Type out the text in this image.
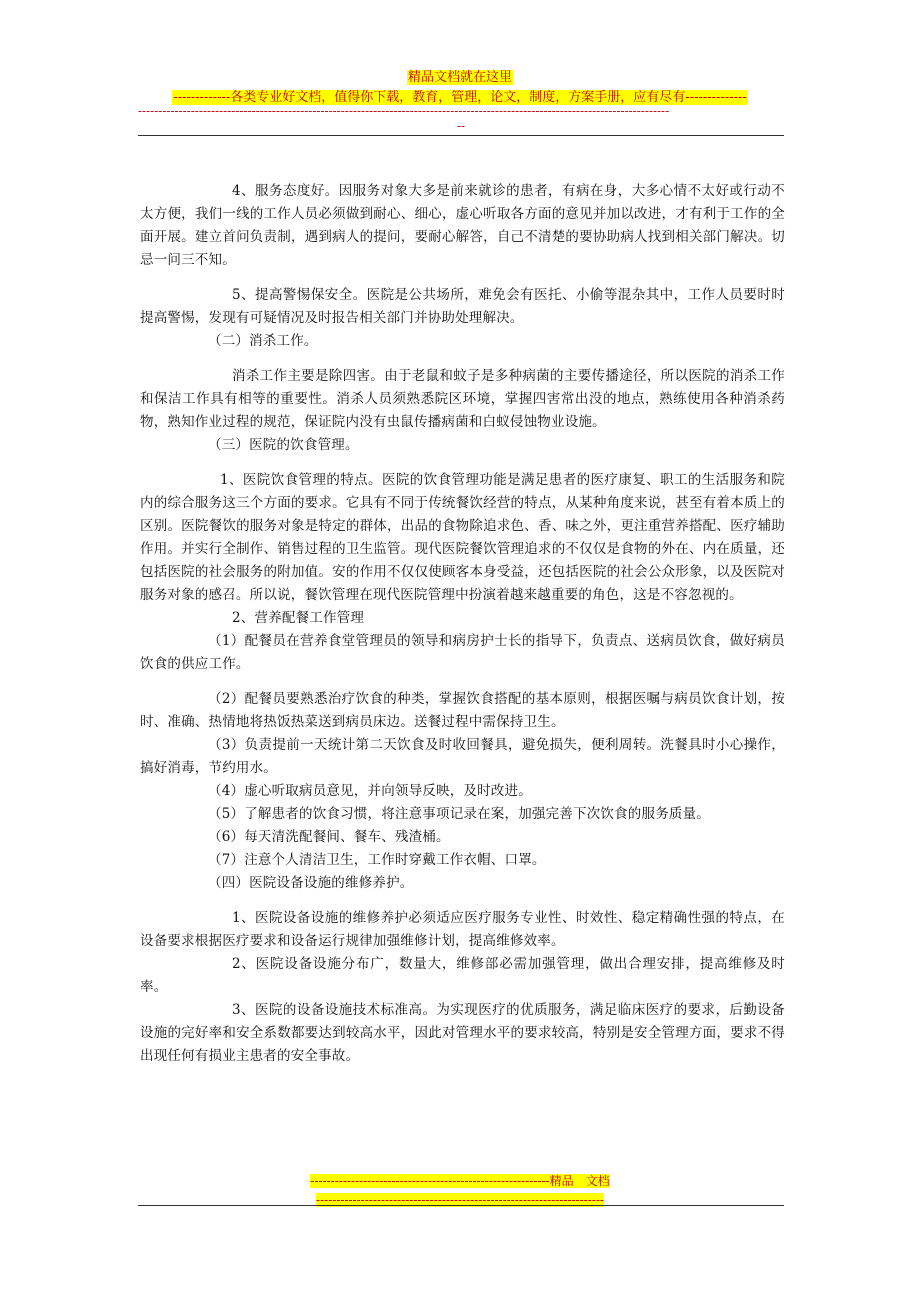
精品文档就在这里
-------------各类专业好文档，值得你下载，教育，管理，论文，制度，方案手册，应有尽有--------------
-----------------------------------------------------------------------------------------------------------------------------------
--

4、服务态度好。因服务对象大多是前来就诊的患者，有病在身，大多心情不太好或行动不太方便，我们一线的工作人员必须做到耐心、细心，虚心听取各方面的意见并加以改进，才有利于工作的全面开展。建立首问负责制，遇到病人的提问，要耐心解答，自己不清楚的要协助病人找到相关部门解决。切忌一问三不知。

5、提高警惕保安全。医院是公共场所，难免会有医托、小偷等混杂其中，工作人员要时时提高警惕，发现有可疑情况及时报告相关部门并协助处理解决。

（二）消杀工作。

消杀工作主要是除四害。由于老鼠和蚊子是多种病菌的主要传播途径，所以医院的消杀工作和保洁工作具有相等的重要性。消杀人员须熟悉院区环境，掌握四害常出没的地点，熟练使用各种消杀药物，熟知作业过程的规范，保证院内没有虫鼠传播病菌和白蚁侵蚀物业设施。

（三）医院的饮食管理。

1、医院饮食管理的特点。医院的饮食管理功能是满足患者的医疗康复、职工的生活服务和院内的综合服务这三个方面的要求。它具有不同于传统餐饮经营的特点，从某种角度来说，甚至有着本质上的区别。医院餐饮的服务对象是特定的群体，出品的食物除追求色、香、味之外，更注重营养搭配、医疗辅助作用。并实行全制作、销售过程的卫生监管。现代医院餐饮管理追求的不仅仅是食物的外在、内在质量，还包括医院的社会服务的附加值。安的作用不仅仅使顾客本身受益，还包括医院的社会公众形象，以及医院对服务对象的感召。所以说，餐饮管理在现代医院管理中扮演着越来越重要的角色，这是不容忽视的。

2、营养配餐工作管理

（1）配餐员在营养食堂管理员的领导和病房护士长的指导下，负责点、送病员饮食，做好病员饮食的供应工作。

（2）配餐员要熟悉治疗饮食的种类，掌握饮食搭配的基本原则，根据医嘱与病员饮食计划，按时、准确、热情地将热饭热菜送到病员床边。送餐过程中需保持卫生。

（3）负责提前一天统计第二天饮食及时收回餐具，避免损失，便利周转。洗餐具时小心操作，搞好消毒，节约用水。

（4）虚心听取病员意见，并向领导反映，及时改进。

（5）了解患者的饮食习惯，将注意事项记录在案，加强完善下次饮食的服务质量。

（6）每天清洗配餐间、餐车、残渣桶。

（7）注意个人清洁卫生，工作时穿戴工作衣帽、口罩。

（四）医院设备设施的维修养护。

1、医院设备设施的维修养护必须适应医疗服务专业性、时效性、稳定精确性强的特点，在设备要求根据医疗要求和设备运行规律加强维修计划，提高维修效率。

2、医院设备设施分布广，数量大，维修部必需加强管理，做出合理安排，提高维修及时率。

3、医院的设备设施技术标准高。为实现医疗的优质服务，满足临床医疗的要求，后勤设备设施的完好率和安全系数都要达到较高水平，因此对管理水平的要求较高，特别是安全管理方面，要求不得出现任何有损业主患者的安全事故。

-----------------------------------------------------------精品　文档
-----------------------------------------------------------------------
